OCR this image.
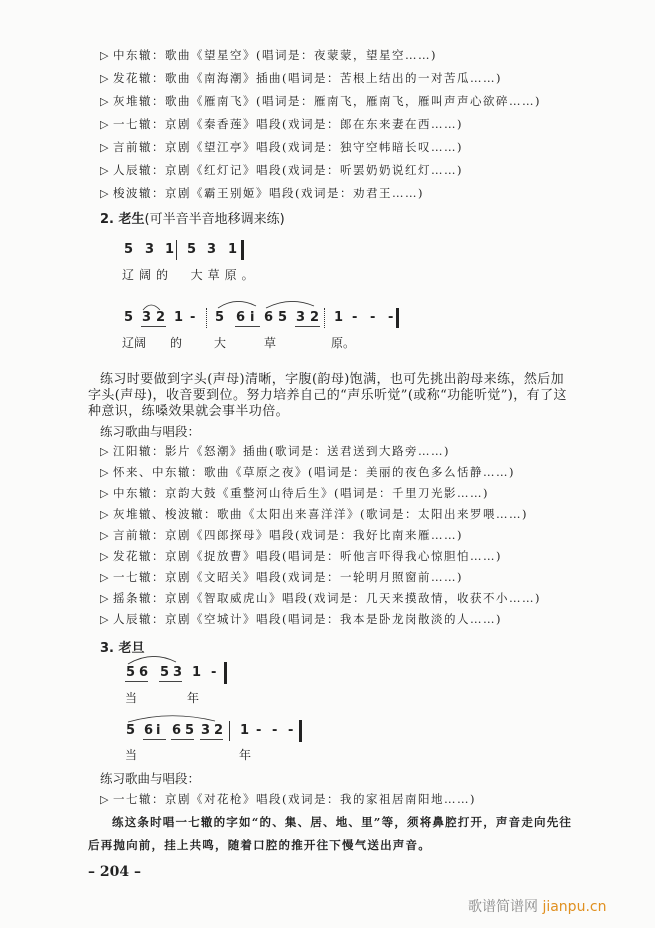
▷ 中东辙：歌曲《望星空》(唱词是：夜蒙蒙，望星空……)
▷ 发花辙：歌曲《南海潮》插曲(唱词是：苦根上结出的一对苦瓜……)
▷ 灰堆辙：歌曲《雁南飞》(唱词是：雁南飞，雁南飞，雁叫声声心欲碎……)
▷ 一七辙：京剧《秦香莲》唱段(戏词是：郎在东来妻在西……)
▷ 言前辙：京剧《望江亭》唱段(戏词是：独守空帏暗长叹……)
▷ 人辰辙：京剧《红灯记》唱段(戏词是：听罢奶奶说红灯……)
▷ 梭波辙：京剧《霸王别姬》唱段(戏词是：劝君王……)
2. 老生(可半音半音地移调来练)
5 3 1 5 3 1
辽阔的  大草原。
5 3 2 1 - 5 6 i 6 5 3 2 1 - - -
辽阔 的	大	草	原。
练习时要做到字头(声母)清晰，字腹(韵母)饱满，也可先挑出韵母来练，然后加字头(声母)，收音要到位。努力培养自己的“声乐听觉”(或称“功能听觉”)，有了这种意识，练嗓效果就会事半功倍。
练习歌曲与唱段：
▷ 江阳辙：影片《怒潮》插曲(歌词是：送君送到大路旁……)
▷ 怀来、中东辙：歌曲《草原之夜》(唱词是：美丽的夜色多么恬静……)
▷ 中东辙：京韵大鼓《重整河山待后生》(唱词是：千里刀光影……)
▷ 灰堆辙、梭波辙：歌曲《太阳出来喜洋洋》(歌词是：太阳出来罗喂……)
▷ 言前辙：京剧《四郎探母》唱段(戏词是：我好比南来雁……)
▷ 发花辙：京剧《捉放曹》唱段(唱词是：听他言吓得我心惊胆怕……)
▷ 一七辙：京剧《文昭关》唱段(戏词是：一轮明月照窗前……)
▷ 摇条辙：京剧《智取威虎山》唱段(戏词是：几天来摸敌情，收获不小……)
▷ 人辰辙：京剧《空城计》唱段(唱词是：我本是卧龙岗散淡的人……)
3. 老旦
5 6 5 3 1 -
当	年
5 6 i 6 5 3 2 1 - - -
当	年
练习歌曲与唱段：
▷ 一七辙：京剧《对花枪》唱段(戏词是：我的家祖居南阳地……)
练这条时唱一七辙的字如“的、集、居、地、里”等，须将鼻腔打开，声音走向先往后再抛向前，挂上共鸣，随着口腔的推开往下慢气送出声音。
– 204 –
歌谱简谱网 jianpu.cn
